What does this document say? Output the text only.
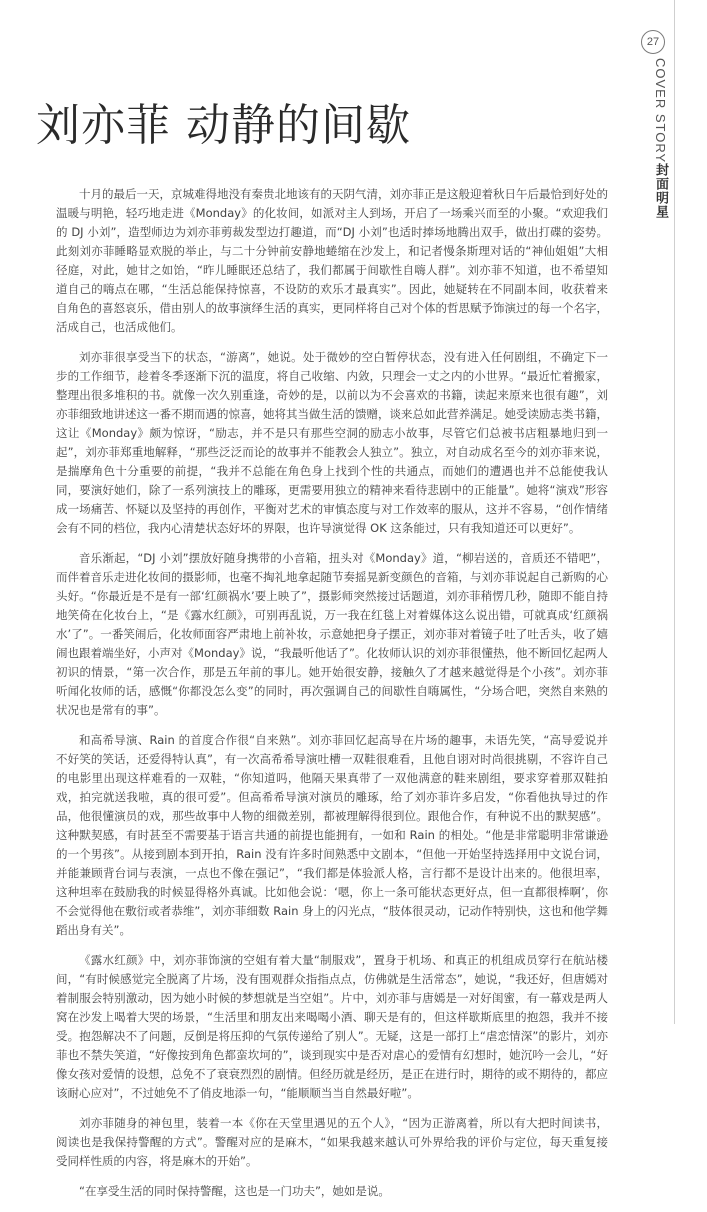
27
COVER STORY
封面明星
刘亦菲 动静的间歇

十月的最后一天，京城难得地没有秦贵北地该有的天阴气清，刘亦菲正是这般迎着秋日午后最恰到好处的温暖与明艳，轻巧地走进《Monday》的化妆间，如派对主人到场，开启了一场乘兴而至的小聚。“欢迎我们的 DJ 小刘”，造型师边为刘亦菲剪裁发型边打趣道，而“DJ 小刘”也适时捧场地腾出双手，做出打碟的姿势。此刻刘亦菲睡略显欢脱的举止，与二十分钟前安静地蜷缩在沙发上，和记者慢条斯理对话的“神仙姐姐”大相径庭，对此，她甘之如饴，“昨儿睡眠还总结了，我们都属于间歇性自嗨人群”。刘亦菲不知道，也不希望知道自己的嗨点在哪，“生活总能保持惊喜，不设防的欢乐才最真实”。因此，她疑转在不同副本间，收获着来自角色的喜怒哀乐，借由别人的故事演绎生活的真实，更同样将自己对个体的哲思赋予饰演过的每一个名字，活成自己，也活成他们。

刘亦菲很享受当下的状态，“游离”，她说。处于微妙的空白暂停状态，没有进入任何剧组，不确定下一步的工作细节，趁着冬季逐渐下沉的温度，将自己收缩、内敛，只理会一丈之内的小世界。“最近忙着搬家，整理出很多堆积的书。就像一次久别重逢，奇妙的是，以前以为不会喜欢的书籍，读起来原来也很有趣”，刘亦菲细致地讲述这一番不期而遇的惊喜，她将其当做生活的馈赠，谈来总如此营养满足。她受读励志类书籍，这让《Monday》颇为惊讶，“励志，并不是只有那些空洞的励志小故事，尽管它们总被书店粗暴地归到一起”，刘亦菲郑重地解释，“那些泛泛而论的故事并不能教会人独立”。独立，对自动成名至今的刘亦菲来说，是揣摩角色十分重要的前提，“我并不总能在角色身上找到个性的共通点，而她们的遭遇也并不总能使我认同，要演好她们，除了一系列演技上的雕琢，更需要用独立的精神来看待悲剧中的正能量”。她将“演戏”形容成一场痛苦、怀疑以及坚持的再创作，平衡对艺术的审慎态度与对工作效率的服从，这并不容易，“创作情绪会有不同的档位，我内心清楚状态好坏的界限，也许导演觉得 OK 这条能过，只有我知道还可以更好”。

音乐渐起，“DJ 小刘”摆放好随身携带的小音箱，扭头对《Monday》道，“柳岩送的，音质还不错吧”，而伴着音乐走进化妆间的摄影师，也毫不掏礼地拿起随节奏摇晃新变颜色的音箱，与刘亦菲说起自己新购的心头好。“你最近是不是有一部‘红颜祸水’要上映了”，摄影师突然接过话题道，刘亦菲稍愣几秒，随即不能自持地笑倚在化妆台上，“是《露水红颜》，可别再乱说，万一我在红毯上对着媒体这么说出错，可就真成‘红颜祸水’了”。一番笑闹后，化妆师面容严肃地上前补妆，示意她把身子摆正，刘亦菲对着镜子吐了吐舌头，收了嬉闹也跟着端坐好，小声对《Monday》说，“我最听他话了”。化妆师认识的刘亦菲很懂热，他不断回忆起两人初识的情景，“第一次合作，那是五年前的事儿。她开始很安静，接触久了才越来越觉得是个小孩”。刘亦菲听闻化妆师的话，感慨“你都没怎么变”的同时，再次强调自己的间歇性自嗨属性，“分场合吧，突然自来熟的状况也是常有的事”。

和高希导演、Rain 的首度合作很“自来熟”。刘亦菲回忆起高导在片场的趣事，未语先笑，“高导爱说并不好笑的笑话，还爱得特认真”，有一次高希希导演吐槽一双鞋很难看，且他自诩对时尚很挑剔，不容许自己的电影里出现这样难看的一双鞋，“你知道吗，他隔天果真带了一双他满意的鞋来剧组，要求穿着那双鞋拍戏，拍完就送我啦，真的很可爱”。但高希希导演对演员的雕琢，给了刘亦菲许多启发，“你看他执导过的作品，他很懂演员的戏，那些故事中人物的细微差别，都被理解得很到位。跟他合作，有种说不出的默契感”。这种默契感，有时甚至不需要基于语言共通的前提也能拥有，一如和 Rain 的相处。“他是非常聪明非常谦逊的一个男孩”。从接到剧本到开拍，Rain 没有许多时间熟悉中文剧本，“但他一开始坚持选择用中文说台词，并能兼顾背台词与表演，一点也不像在强记”，“我们都是体验派人格，言行都不是设计出来的。他很坦率，这种坦率在鼓励我的时候显得格外真诚。比如他会说：‘嗯，你上一条可能状态更好点，但一直都很棒啊’，你不会觉得他在敷衍或者恭维”，刘亦菲细数 Rain 身上的闪光点，“肢体很灵动，记动作特别快，这也和他学舞蹈出身有关”。

《露水红颜》中，刘亦菲饰演的空姐有着大量“制服戏”，置身于机场、和真正的机组成员穿行在航站楼间，“有时候感觉完全脱离了片场，没有围观群众指指点点，仿佛就是生活常态”，她说，“我还好，但唐嫣对着制服会特别激动，因为她小时候的梦想就是当空姐”。片中，刘亦菲与唐嫣是一对好闺蜜，有一幕戏是两人窝在沙发上喝着大哭的场景，“生活里和朋友出来喝喝小酒、聊天是有的，但这样歇斯底里的抱怨，我并不接受。抱怨解决不了问题，反倒是将压抑的气氛传递给了别人”。无疑，这是一部打上“虐恋情深”的影片，刘亦菲也不禁失笑道，“好像按到角色都蛮坎坷的”，谈到现实中是否对虐心的爱情有幻想时，她沉吟一会儿，“好像女孩对爱情的设想，总免不了衰衰烈烈的剧情。但经历就是经历，是正在进行时，期待的或不期待的，都应该耐心应对”，不过她免不了俏皮地添一句，“能顺顺当当自然最好啦”。

刘亦菲随身的神包里，装着一本《你在天堂里遇见的五个人》，“因为正游离着，所以有大把时间读书，阅读也是我保持警醒的方式”。警醒对应的是麻木，“如果我越来越认可外界给我的评价与定位，每天重复接受同样性质的内容，将是麻木的开始”。

“在享受生活的同时保持警醒，这也是一门功夫”，她如是说。
